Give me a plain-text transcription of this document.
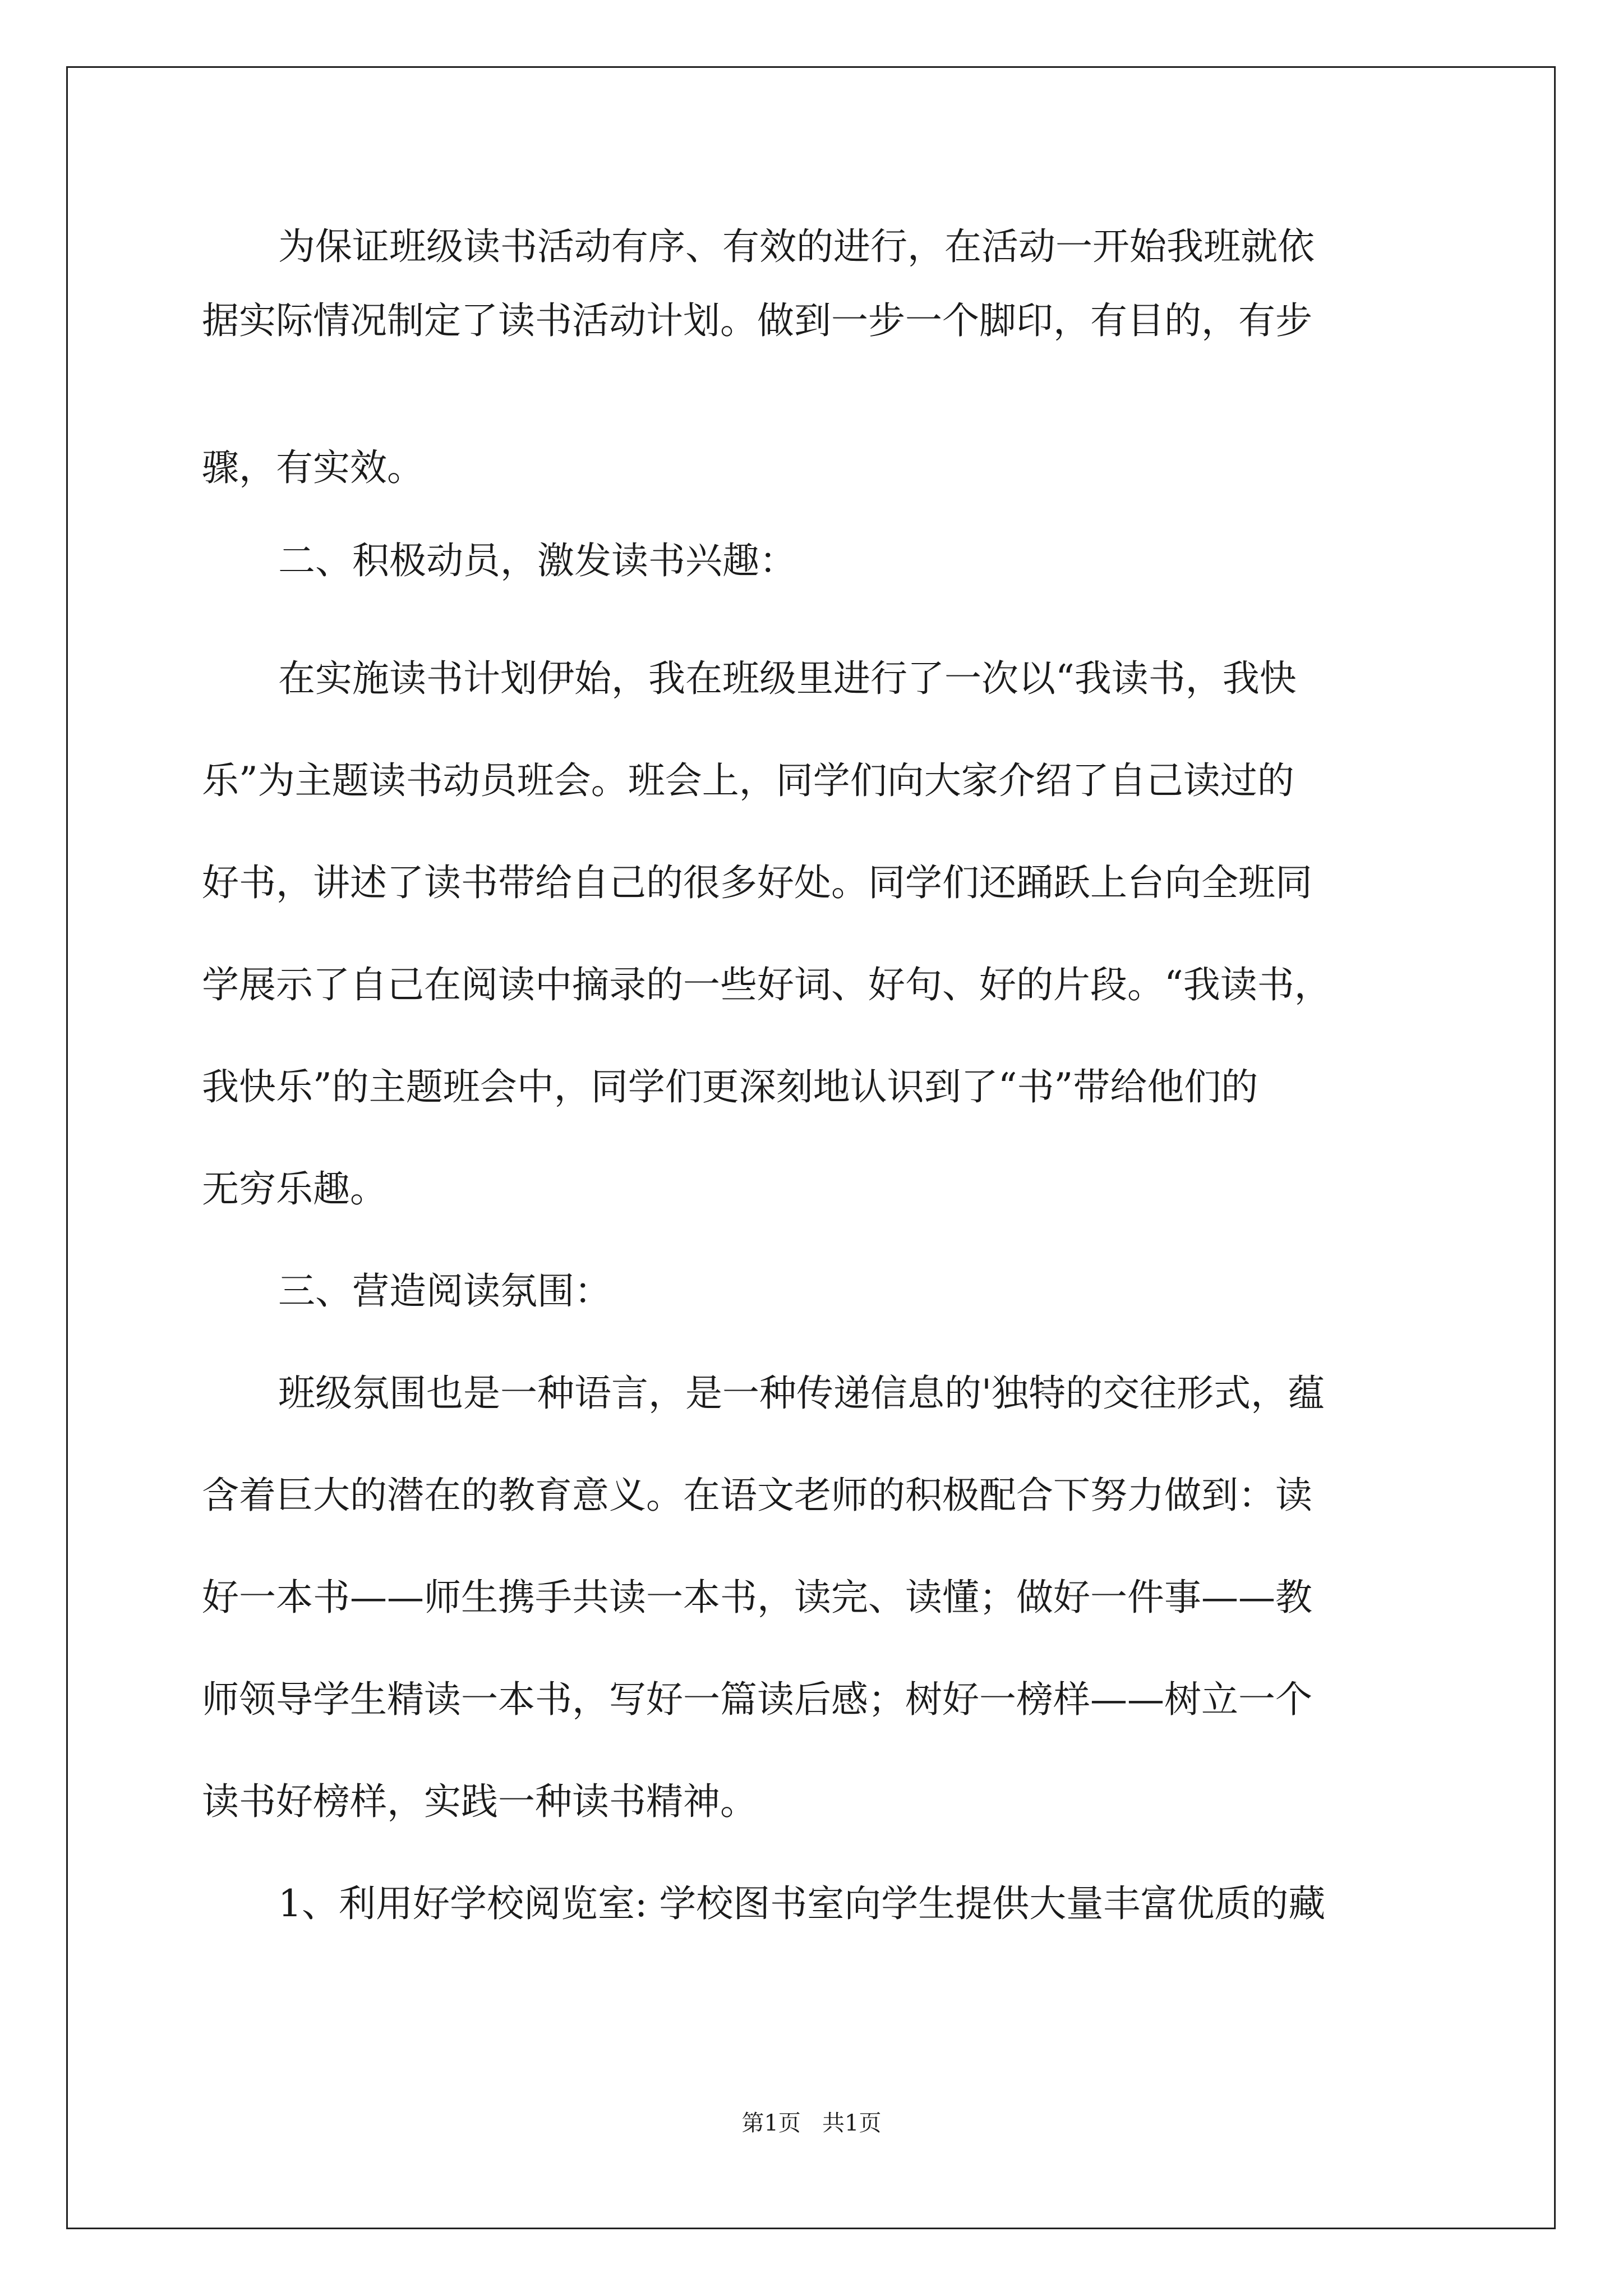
为保证班级读书活动有序、有效的进行，在活动一开始我班就依
据实际情况制定了读书活动计划。做到一步一个脚印，有目的，有步
骤，有实效。
二、积极动员，激发读书兴趣：
在实施读书计划伊始，我在班级里进行了一次以“我读书，我快
乐”为主题读书动员班会。班会上，同学们向大家介绍了自己读过的
好书，讲述了读书带给自己的很多好处。同学们还踊跃上台向全班同
学展示了自己在阅读中摘录的一些好词、好句、好的片段。“我读书，
我快乐”的主题班会中，同学们更深刻地认识到了“书”带给他们的
无穷乐趣。
三、营造阅读氛围：
班级氛围也是一种语言，是一种传递信息的'独特的交往形式，蕴
含着巨大的潜在的教育意义。在语文老师的积极配合下努力做到：读
好一本书——师生携手共读一本书，读完、读懂；做好一件事——教
师领导学生精读一本书，写好一篇读后感；树好一榜样——树立一个
读书好榜样，实践一种读书精神。
1、利用好学校阅览室: 学校图书室向学生提供大量丰富优质的藏
第1页   共1页
